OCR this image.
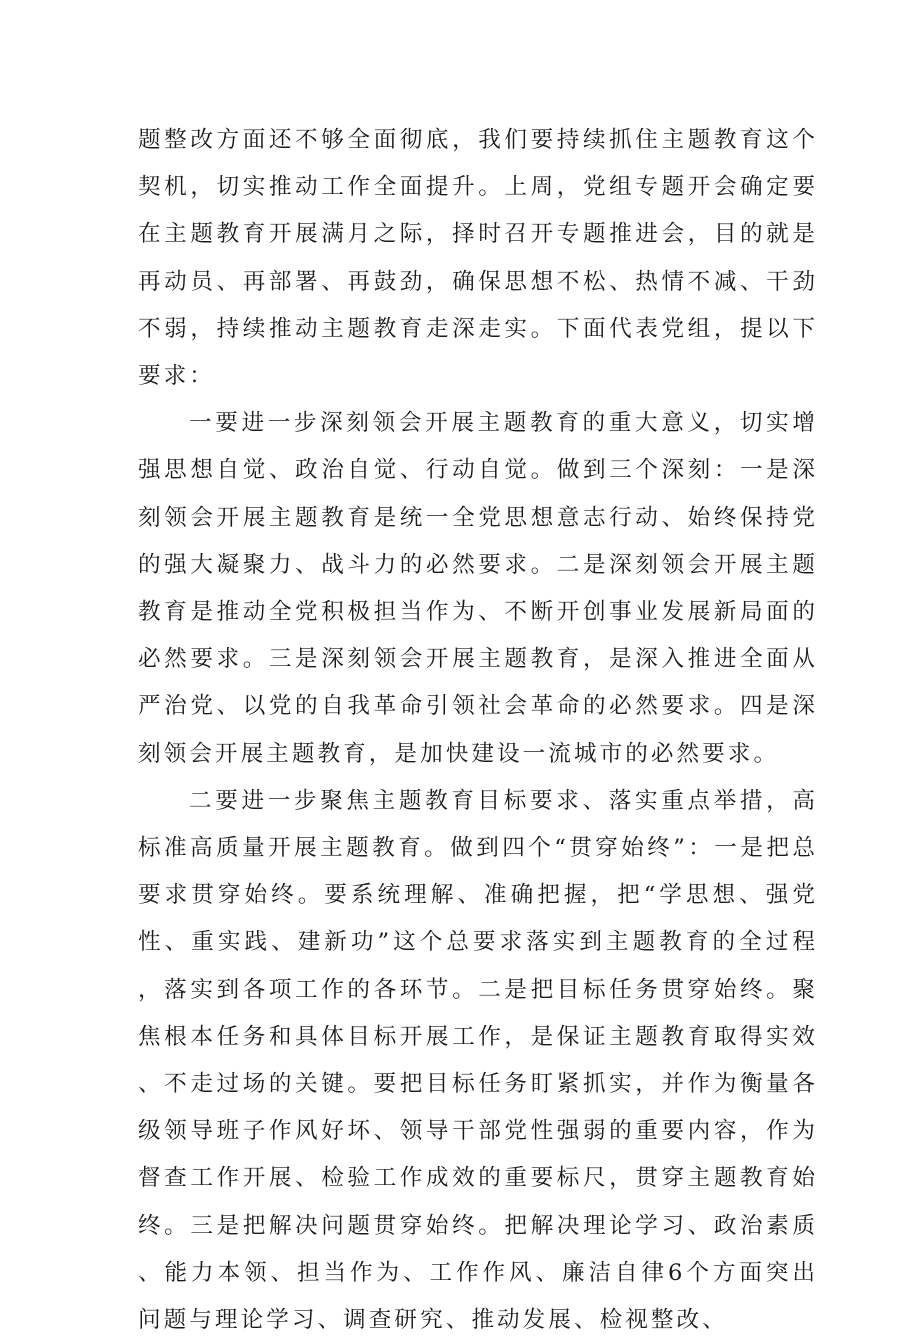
题整改方面还不够全面彻底，我们要持续抓住主题教育这个契机，切实推动工作全面提升。上周，党组专题开会确定要在主题教育开展满月之际，择时召开专题推进会，目的就是再动员、再部署、再鼓劲，确保思想不松、热情不减、干劲不弱，持续推动主题教育走深走实。下面代表党组，提以下要求：

一要进一步深刻领会开展主题教育的重大意义，切实增强思想自觉、政治自觉、行动自觉。做到三个深刻：一是深刻领会开展主题教育是统一全党思想意志行动、始终保持党的强大凝聚力、战斗力的必然要求。二是深刻领会开展主题教育是推动全党积极担当作为、不断开创事业发展新局面的必然要求。三是深刻领会开展主题教育，是深入推进全面从严治党、以党的自我革命引领社会革命的必然要求。四是深刻领会开展主题教育，是加快建设一流城市的必然要求。

二要进一步聚焦主题教育目标要求、落实重点举措，高标准高质量开展主题教育。做到四个“贯穿始终”：一是把总要求贯穿始终。要系统理解、准确把握，把“学思想、强党性、重实践、建新功”这个总要求落实到主题教育的全过程，落实到各项工作的各环节。二是把目标任务贯穿始终。聚焦根本任务和具体目标开展工作，是保证主题教育取得实效、不走过场的关键。要把目标任务盯紧抓实，并作为衡量各级领导班子作风好坏、领导干部党性强弱的重要内容，作为督查工作开展、检验工作成效的重要标尺，贯穿主题教育始终。三是把解决问题贯穿始终。把解决理论学习、政治素质、能力本领、担当作为、工作作风、廉洁自律6个方面突出问题与理论学习、调查研究、推动发展、检视整改、
